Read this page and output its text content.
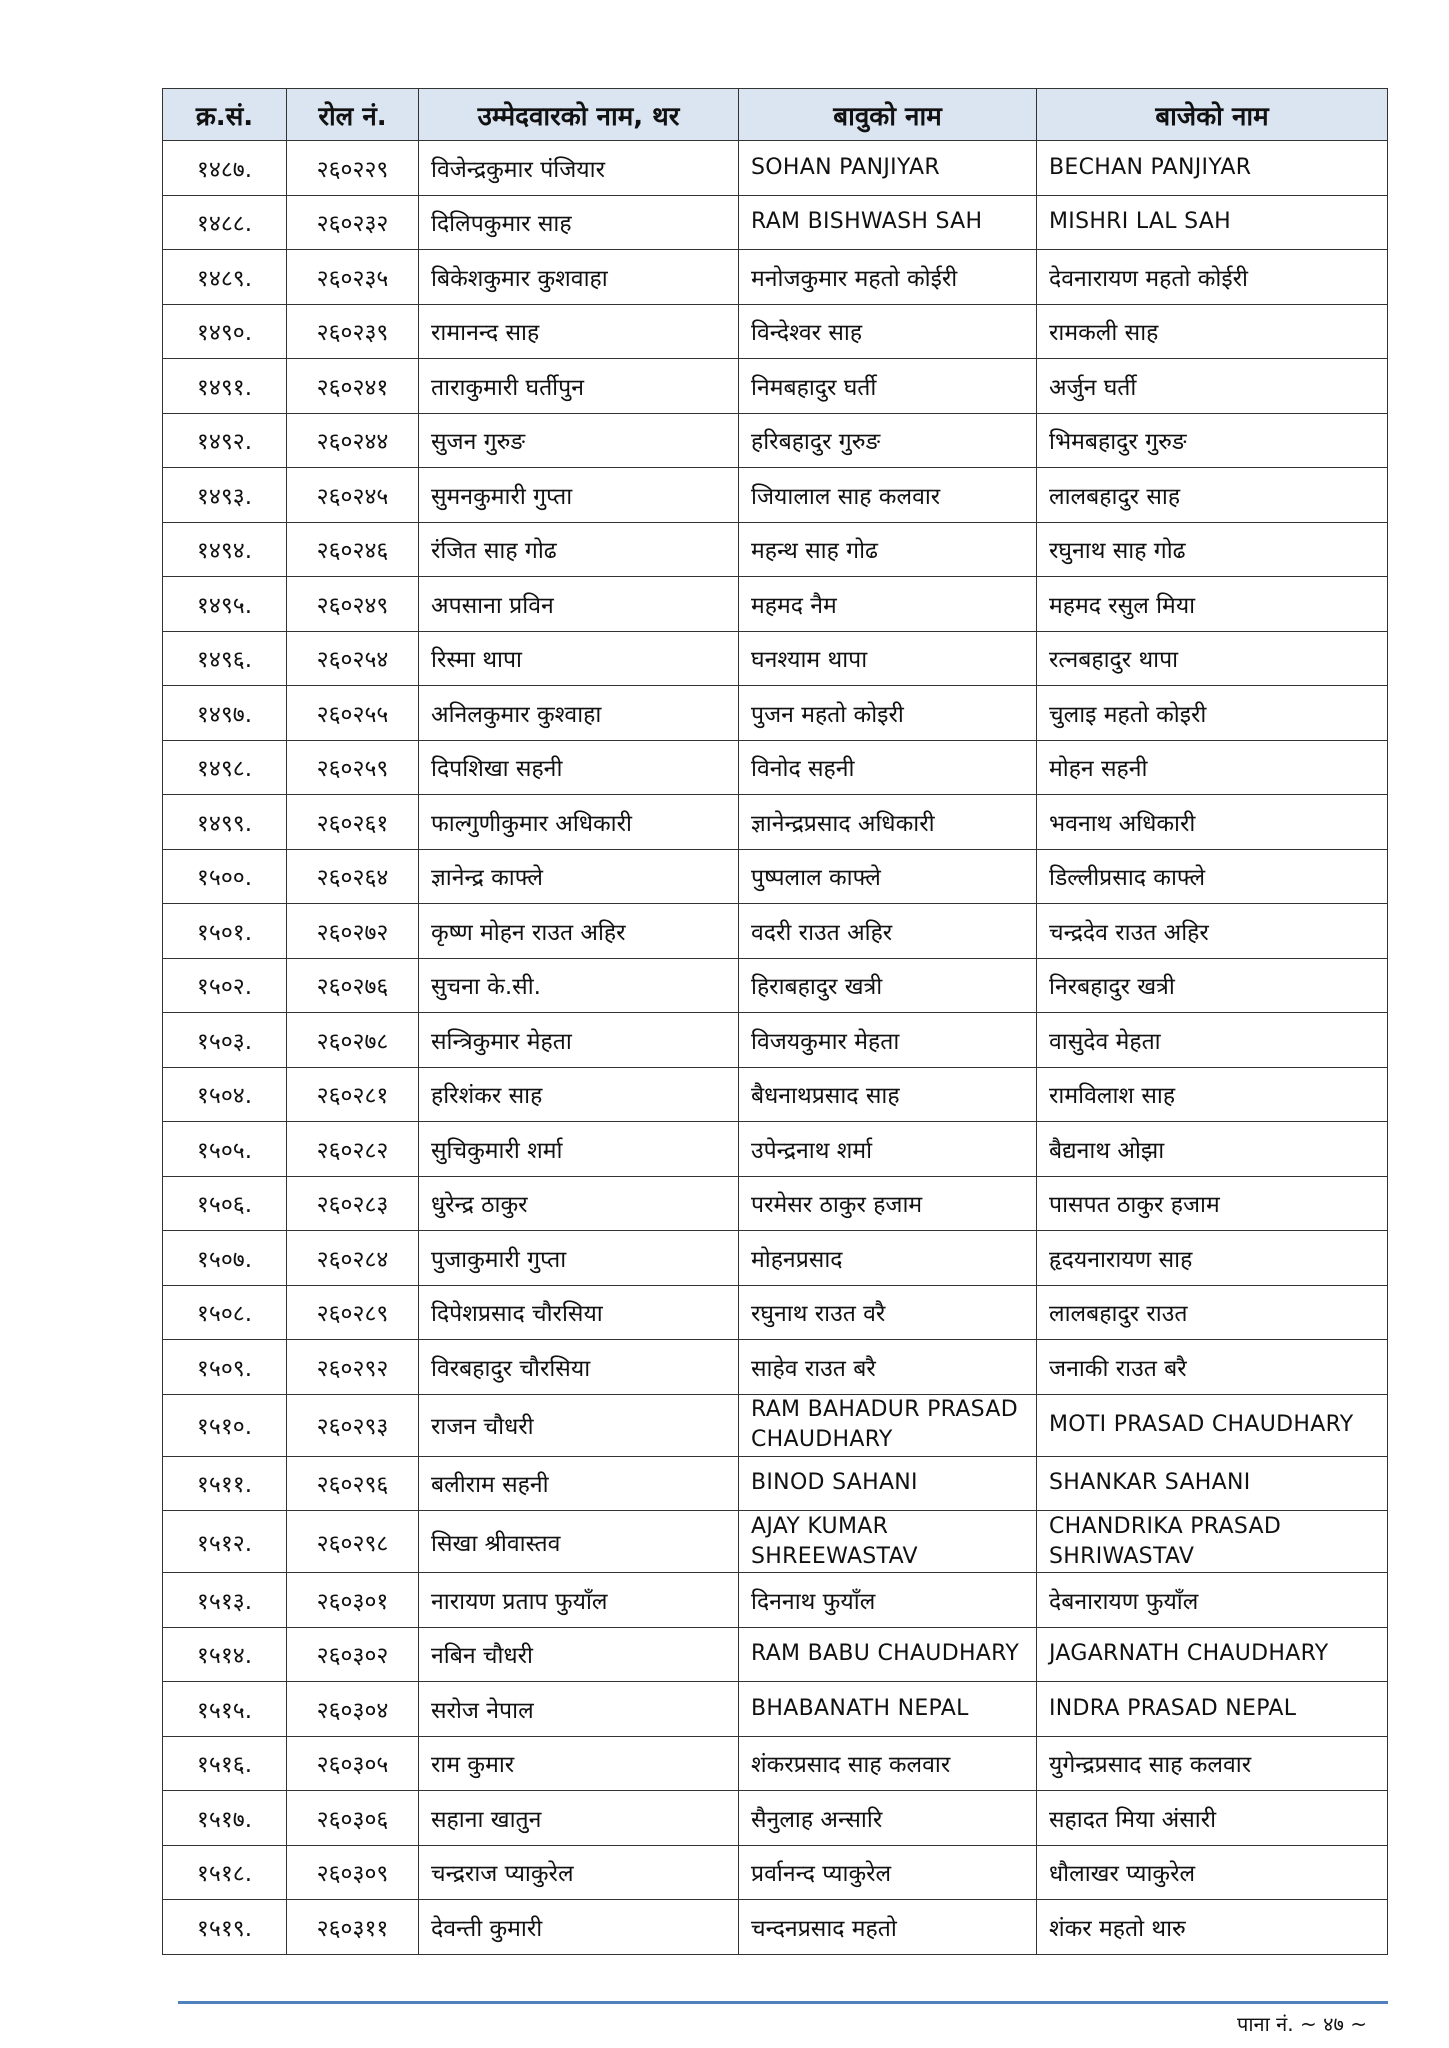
क्र.सं.	रोल नं.	उम्मेदवारको नाम, थर	बावुको नाम	बाजेको नाम
१४८७.	२६०२२९	विजेन्द्रकुमार पंजियार	SOHAN PANJIYAR	BECHAN PANJIYAR
१४८८.	२६०२३२	दिलिपकुमार साह	RAM BISHWASH SAH	MISHRI LAL SAH
१४८९.	२६०२३५	बिकेशकुमार कुशवाहा	मनोजकुमार महतो कोईरी	देवनारायण महतो कोईरी
१४९०.	२६०२३९	रामानन्द साह	विन्देश्वर साह	रामकली साह
१४९१.	२६०२४१	ताराकुमारी घर्तीपुन	निमबहादुर घर्ती	अर्जुन घर्ती
१४९२.	२६०२४४	सुजन गुरुङ	हरिबहादुर गुरुङ	भिमबहादुर गुरुङ
१४९३.	२६०२४५	सुमनकुमारी गुप्ता	जियालाल साह कलवार	लालबहादुर साह
१४९४.	२६०२४६	रंजित साह गोढ	महन्थ साह गोढ	रघुनाथ साह गोढ
१४९५.	२६०२४९	अपसाना प्रविन	महमद नैम	महमद रसुल मिया
१४९६.	२६०२५४	रिस्मा थापा	घनश्याम थापा	रत्नबहादुर थापा
१४९७.	२६०२५५	अनिलकुमार कुश्वाहा	पुजन महतो कोइरी	चुलाइ महतो कोइरी
१४९८.	२६०२५९	दिपशिखा सहनी	विनोद सहनी	मोहन सहनी
१४९९.	२६०२६१	फाल्गुणीकुमार अधिकारी	ज्ञानेन्द्रप्रसाद अधिकारी	भवनाथ अधिकारी
१५००.	२६०२६४	ज्ञानेन्द्र काफ्ले	पुष्पलाल काफ्ले	डिल्लीप्रसाद काफ्ले
१५०१.	२६०२७२	कृष्ण मोहन राउत अहिर	वदरी राउत अहिर	चन्द्रदेव राउत अहिर
१५०२.	२६०२७६	सुचना के.सी.	हिराबहादुर खत्री	निरबहादुर खत्री
१५०३.	२६०२७८	सन्त्रिकुमार मेहता	विजयकुमार मेहता	वासुदेव मेहता
१५०४.	२६०२८१	हरिशंकर साह	बैधनाथप्रसाद साह	रामविलाश साह
१५०५.	२६०२८२	सुचिकुमारी शर्मा	उपेन्द्रनाथ शर्मा	बैद्यनाथ ओझा
१५०६.	२६०२८३	धुरेन्द्र ठाकुर	परमेसर ठाकुर हजाम	पासपत ठाकुर हजाम
१५०७.	२६०२८४	पुजाकुमारी गुप्ता	मोहनप्रसाद	हृदयनारायण साह
१५०८.	२६०२८९	दिपेशप्रसाद चौरसिया	रघुनाथ राउत वरै	लालबहादुर राउत
१५०९.	२६०२९२	विरबहादुर चौरसिया	साहेव राउत बरै	जनाकी राउत बरै
१५१०.	२६०२९३	राजन चौधरी	RAM BAHADUR PRASAD CHAUDHARY	MOTI PRASAD CHAUDHARY
१५११.	२६०२९६	बलीराम सहनी	BINOD SAHANI	SHANKAR SAHANI
१५१२.	२६०२९८	सिखा श्रीवास्तव	AJAY KUMAR SHREEWASTAV	CHANDRIKA PRASAD SHRIWASTAV
१५१३.	२६०३०१	नारायण प्रताप फुयाँल	दिननाथ फुयाँल	देबनारायण फुयाँल
१५१४.	२६०३०२	नबिन चौधरी	RAM BABU CHAUDHARY	JAGARNATH CHAUDHARY
१५१५.	२६०३०४	सरोज नेपाल	BHABANATH NEPAL	INDRA PRASAD NEPAL
१५१६.	२६०३०५	राम कुमार	शंकरप्रसाद साह कलवार	युगेन्द्रप्रसाद साह कलवार
१५१७.	२६०३०६	सहाना खातुन	सैनुलाह अन्सारि	सहादत मिया अंसारी
१५१८.	२६०३०९	चन्द्रराज प्याकुरेल	प्रर्वानन्द प्याकुरेल	धौलाखर प्याकुरेल
१५१९.	२६०३११	देवन्ती कुमारी	चन्दनप्रसाद महतो	शंकर महतो थारु
पाना नं. ~ ४७ ~
